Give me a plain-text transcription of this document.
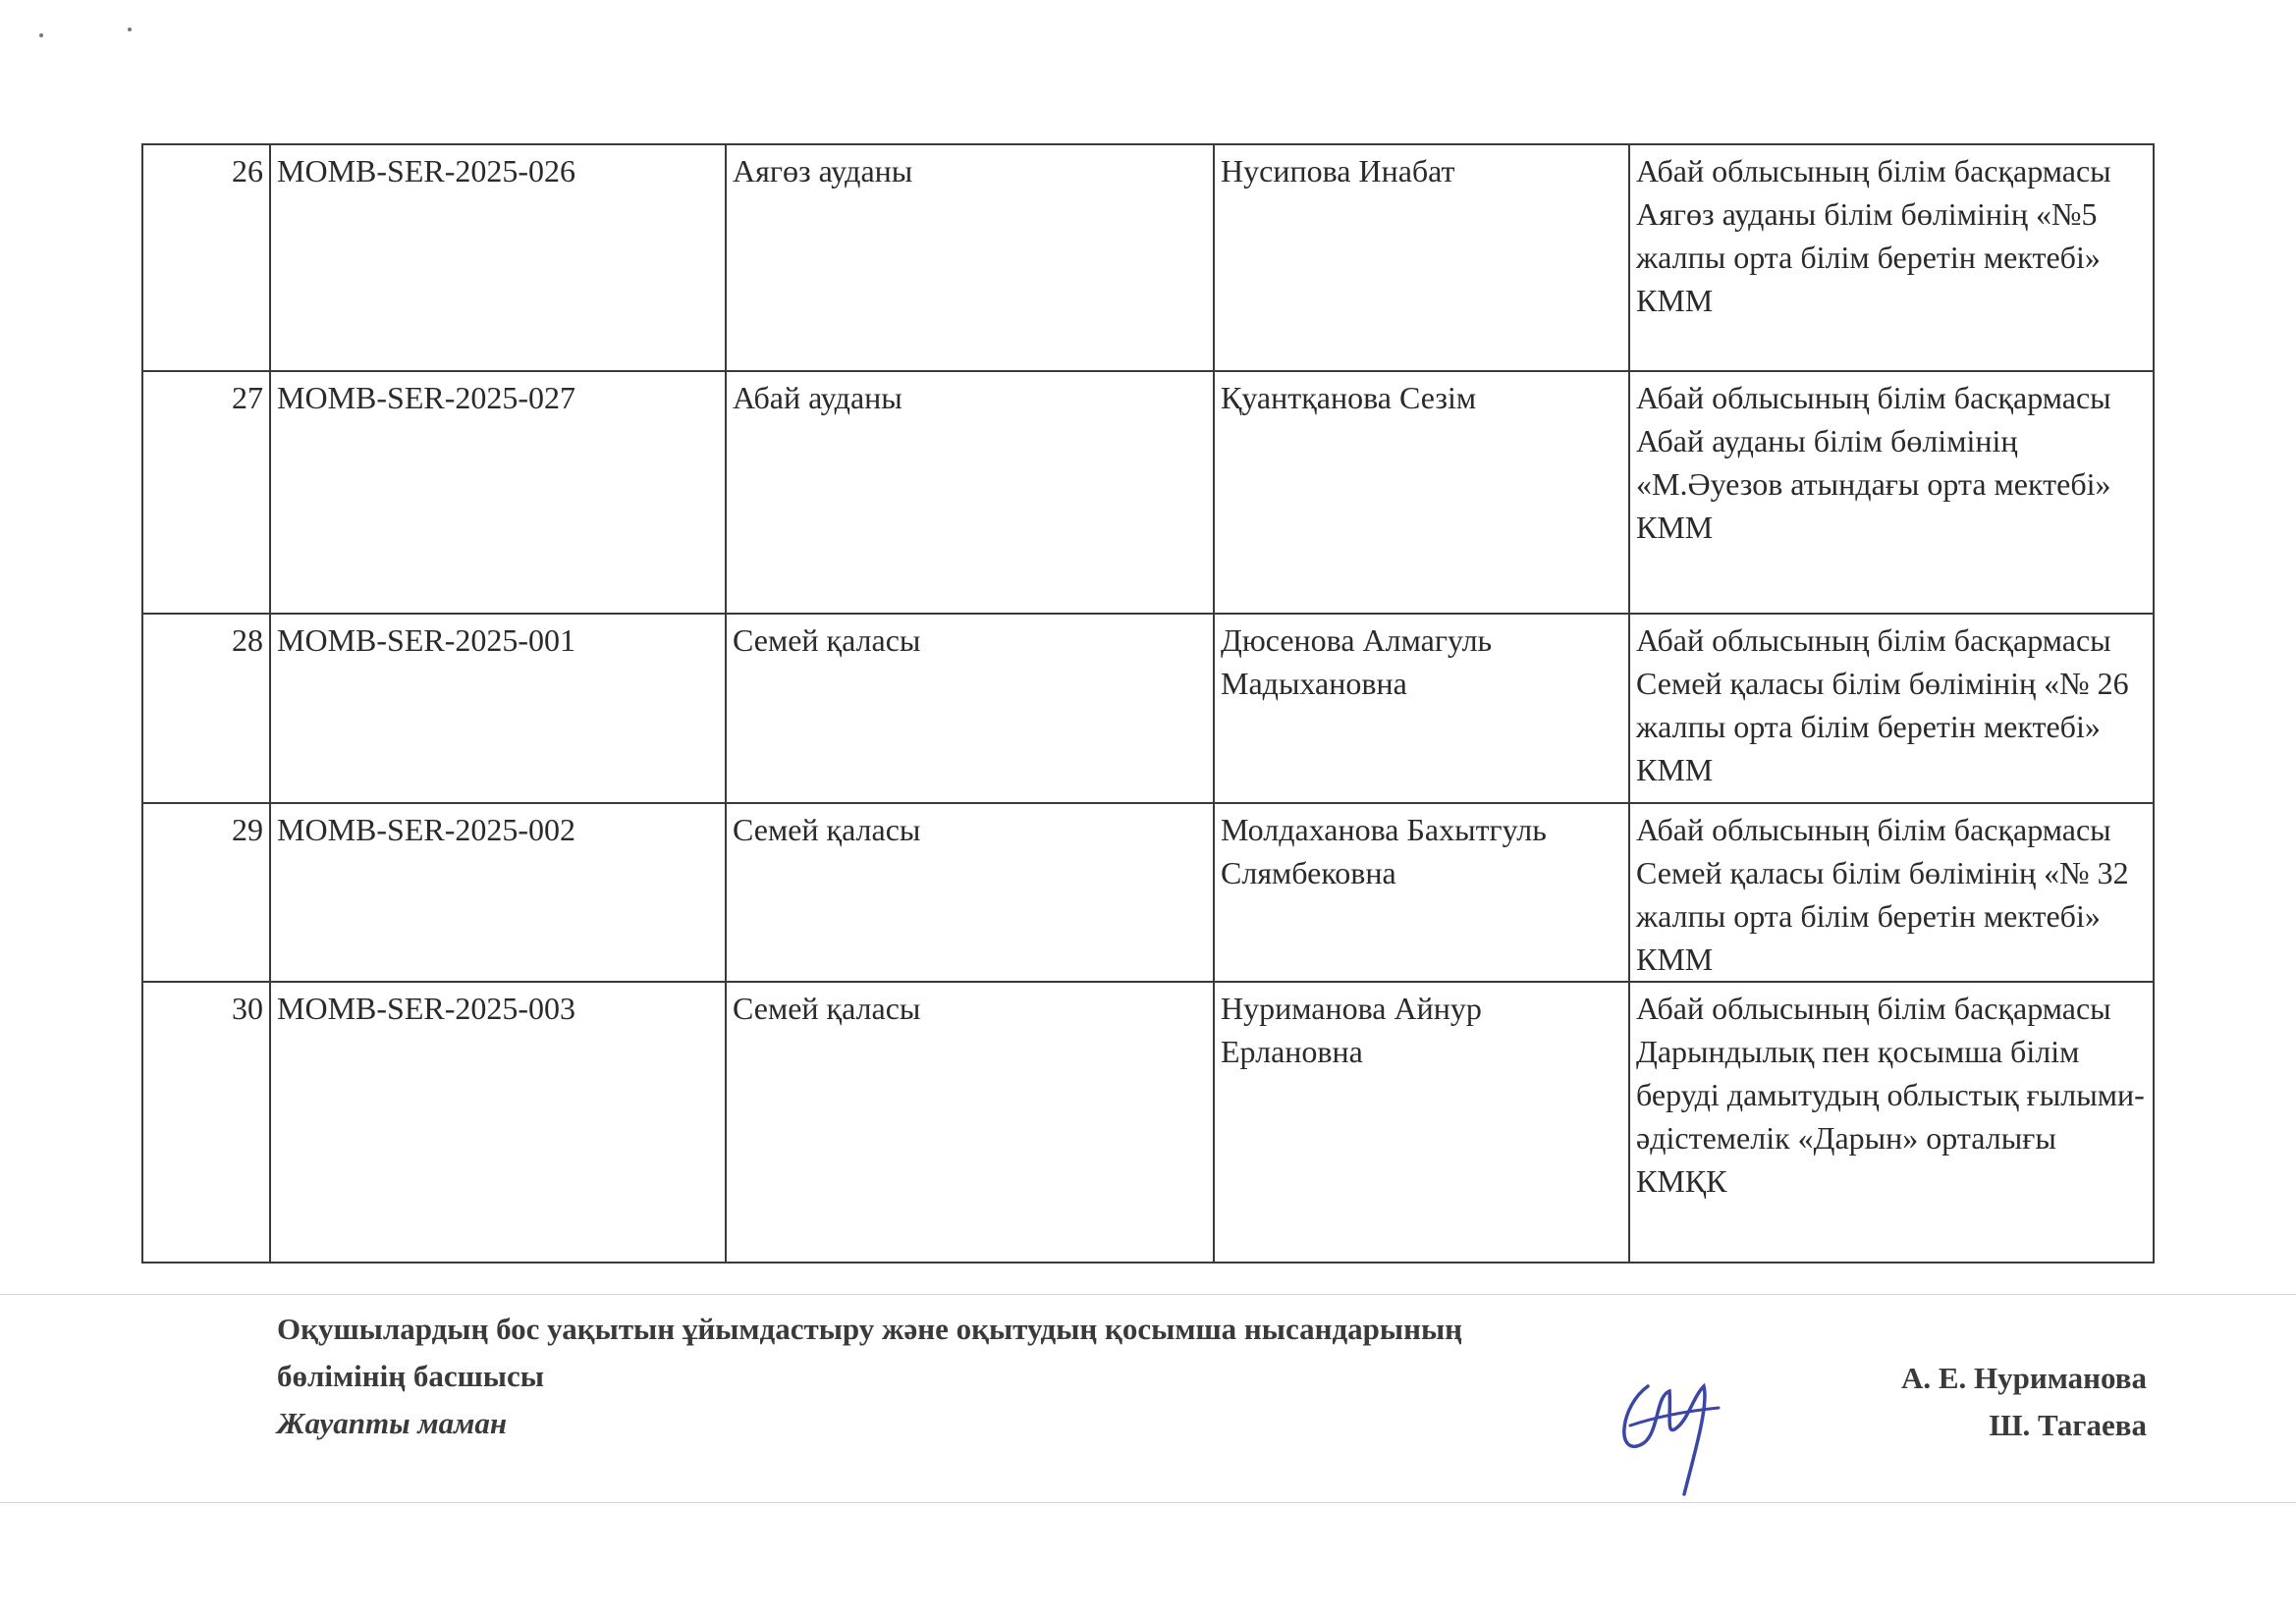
26	MOMB-SER-2025-026	Аягөз ауданы	Нусипова Инабат	Абай облысының білім басқармасы Аягөз ауданы білім бөлімінің «№5 жалпы орта білім беретін мектебі» КММ
27	MOMB-SER-2025-027	Абай ауданы	Қуантқанова Сезім	Абай облысының білім басқармасы Абай ауданы білім бөлімінің «М.Әуезов атындағы орта мектебі» КММ
28	MOMB-SER-2025-001	Семей қаласы	Дюсенова Алмагуль Мадыхановна	Абай облысының білім басқармасы Семей қаласы білім бөлімінің «№ 26 жалпы орта білім беретін мектебі» КММ
29	MOMB-SER-2025-002	Семей қаласы	Молдаханова Бахытгуль Слямбековна	Абай облысының білім басқармасы Семей қаласы білім бөлімінің «№ 32 жалпы орта білім беретін мектебі» КММ
30	MOMB-SER-2025-003	Семей қаласы	Нуриманова Айнур Ерлановна	Абай облысының білім басқармасы Дарындылық пен қосымша білім беруді дамытудың облыстық ғылыми-әдістемелік «Дарын» орталығы КМҚК
Оқушылардың бос уақытын ұйымдастыру және оқытудың қосымша нысандарының
бөлімінің басшысы
Жауапты маман
А. Е. Нуриманова
Ш. Тагаева
